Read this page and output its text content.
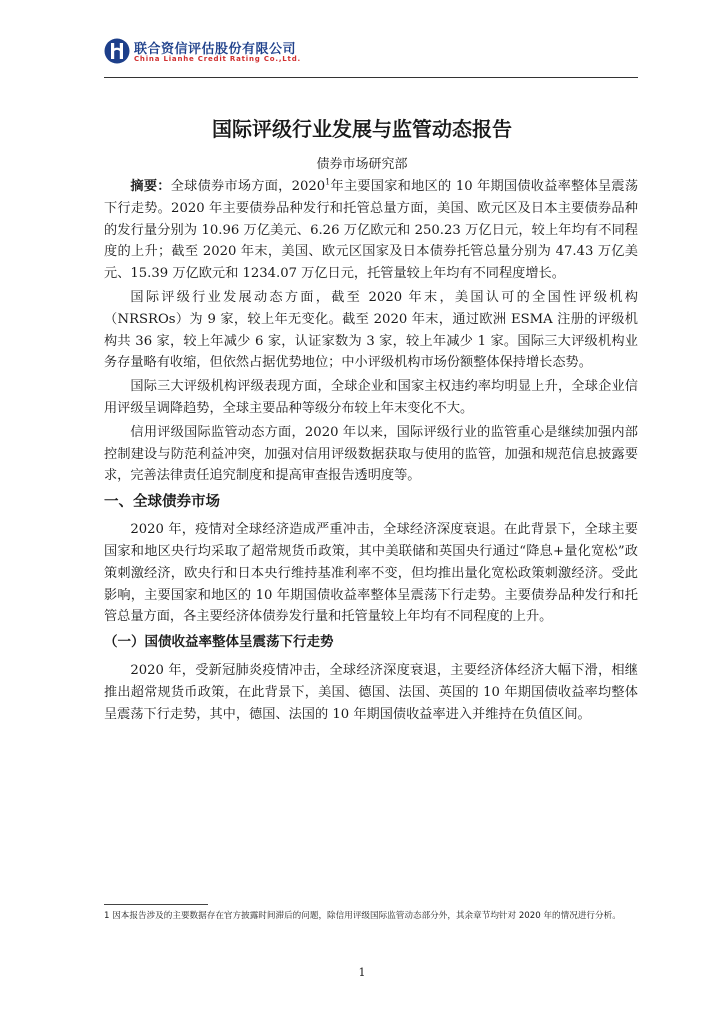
联合资信评估股份有限公司
China Lianhe Credit Rating Co.,Ltd.
国际评级行业发展与监管动态报告
债券市场研究部

摘要：全球债券市场方面，2020$^1$年主要国家和地区的 10 年期国债收益率整体呈震荡下行走势。2020 年主要债券品种发行和托管总量方面，美国、欧元区及日本主要债券品种的发行量分别为 10.96 万亿美元、6.26 万亿欧元和 250.23 万亿日元，较上年均有不同程度的上升；截至 2020 年末，美国、欧元区国家及日本债券托管总量分别为 47.43 万亿美元、15.39 万亿欧元和 1234.07 万亿日元，托管量较上年均有不同程度增长。

国际评级行业发展动态方面，截至 2020 年末，美国认可的全国性评级机构（NRSROs）为 9 家，较上年无变化。截至 2020 年末，通过欧洲 ESMA 注册的评级机构共 36 家，较上年减少 6 家，认证家数为 3 家，较上年减少 1 家。国际三大评级机构业务存量略有收缩，但依然占据优势地位；中小评级机构市场份额整体保持增长态势。

国际三大评级机构评级表现方面，全球企业和国家主权违约率均明显上升，全球企业信用评级呈调降趋势，全球主要品种等级分布较上年末变化不大。

信用评级国际监管动态方面，2020 年以来，国际评级行业的监管重心是继续加强内部控制建设与防范利益冲突，加强对信用评级数据获取与使用的监管，加强和规范信息披露要求，完善法律责任追究制度和提高审查报告透明度等。

一、全球债券市场

2020 年，疫情对全球经济造成严重冲击，全球经济深度衰退。在此背景下，全球主要国家和地区央行均采取了超常规货币政策，其中美联储和英国央行通过“降息+量化宽松”政策刺激经济，欧央行和日本央行维持基准利率不变，但均推出量化宽松政策刺激经济。受此影响，主要国家和地区的 10 年期国债收益率整体呈震荡下行走势。主要债券品种发行和托管总量方面，各主要经济体债券发行量和托管量较上年均有不同程度的上升。

（一）国债收益率整体呈震荡下行走势

2020 年，受新冠肺炎疫情冲击，全球经济深度衰退，主要经济体经济大幅下滑，相继推出超常规货币政策，在此背景下，美国、德国、法国、英国的 10 年期国债收益率均整体呈震荡下行走势，其中，德国、法国的 10 年期国债收益率进入并维持在负值区间。

1 因本报告涉及的主要数据存在官方披露时间滞后的问题，除信用评级国际监管动态部分外，其余章节均针对 2020 年的情况进行分析。
1
